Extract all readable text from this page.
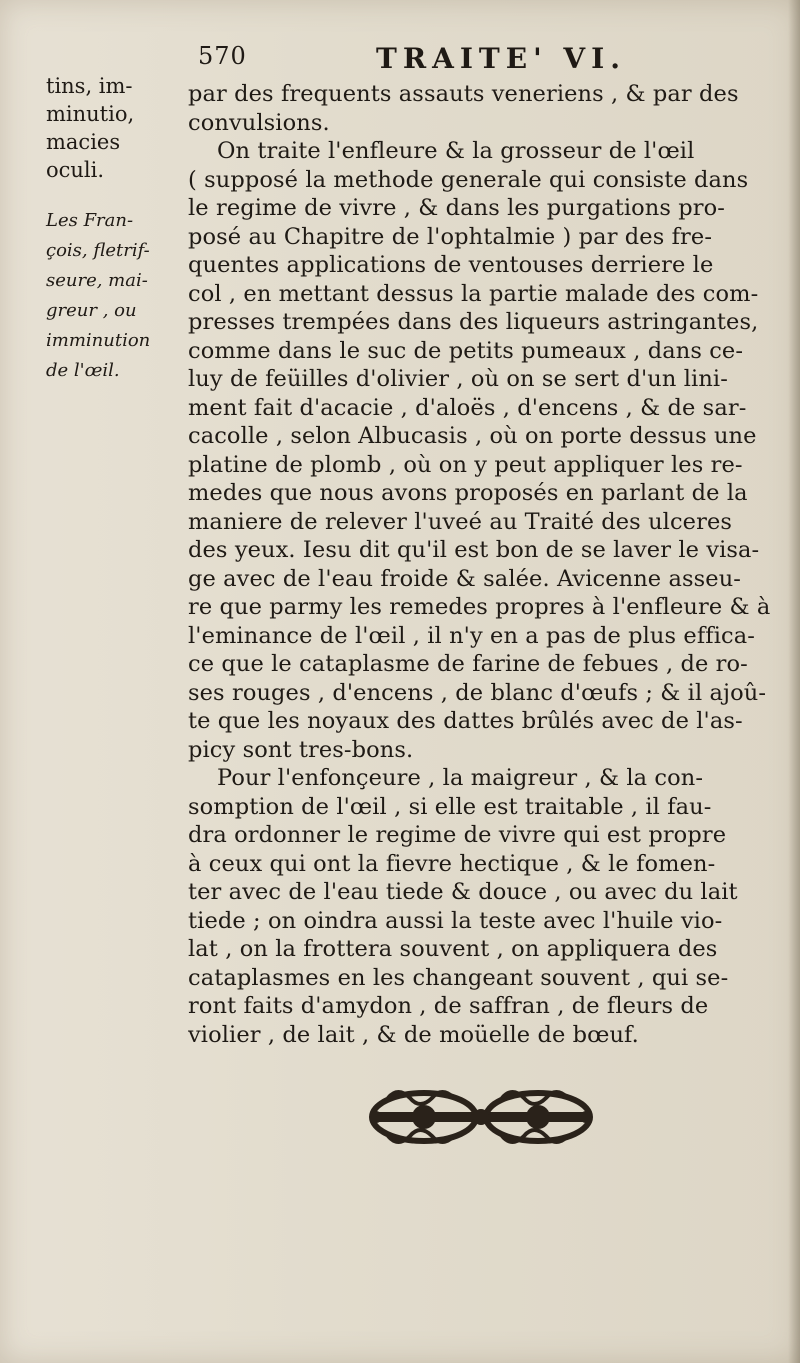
570	TRAITE' VI.

tins, im-
minutio,
macies
oculi.

Les Fran-
çois, fletrif-
seure, mai-
greur , ou
imminution
de l'œil.

par des frequents assauts veneriens , & par des
convulsions.
On traite l'enfleure & la grosseur de l'œil
( supposé la methode generale qui consiste dans
le regime de vivre , & dans les purgations pro-
posé au Chapitre de l'ophtalmie ) par des fre-
quentes applications de ventouses derriere le
col , en mettant dessus la partie malade des com-
presses trempées dans des liqueurs astringantes,
comme dans le suc de petits pumeaux , dans ce-
luy de feüilles d'olivier , où on se sert d'un lini-
ment fait d'acacie , d'aloës , d'encens , & de sar-
cacolle , selon Albucasis , où on porte dessus une
platine de plomb , où on y peut appliquer les re-
medes que nous avons proposés en parlant de la
maniere de relever l'uveé au Traité des ulceres
des yeux. Iesu dit qu'il est bon de se laver le visa-
ge avec de l'eau froide & salée. Avicenne asseu-
re que parmy les remedes propres à l'enfleure & à
l'eminance de l'œil , il n'y en a pas de plus effica-
ce que le cataplasme de farine de febues , de ro-
ses rouges , d'encens , de blanc d'œufs ; & il ajoû-
te que les noyaux des dattes brûlés avec de l'as-
picy sont tres-bons.
Pour l'enfonçeure , la maigreur , & la con-
somption de l'œil , si elle est traitable , il fau-
dra ordonner le regime de vivre qui est propre
à ceux qui ont la fievre hectique , & le fomen-
ter avec de l'eau tiede & douce , ou avec du lait
tiede ; on oindra aussi la teste avec l'huile vio-
lat , on la frottera souvent , on appliquera des
cataplasmes en les changeant souvent , qui se-
ront faits d'amydon , de saffran , de fleurs de
violier , de lait , & de moüelle de bœuf.
